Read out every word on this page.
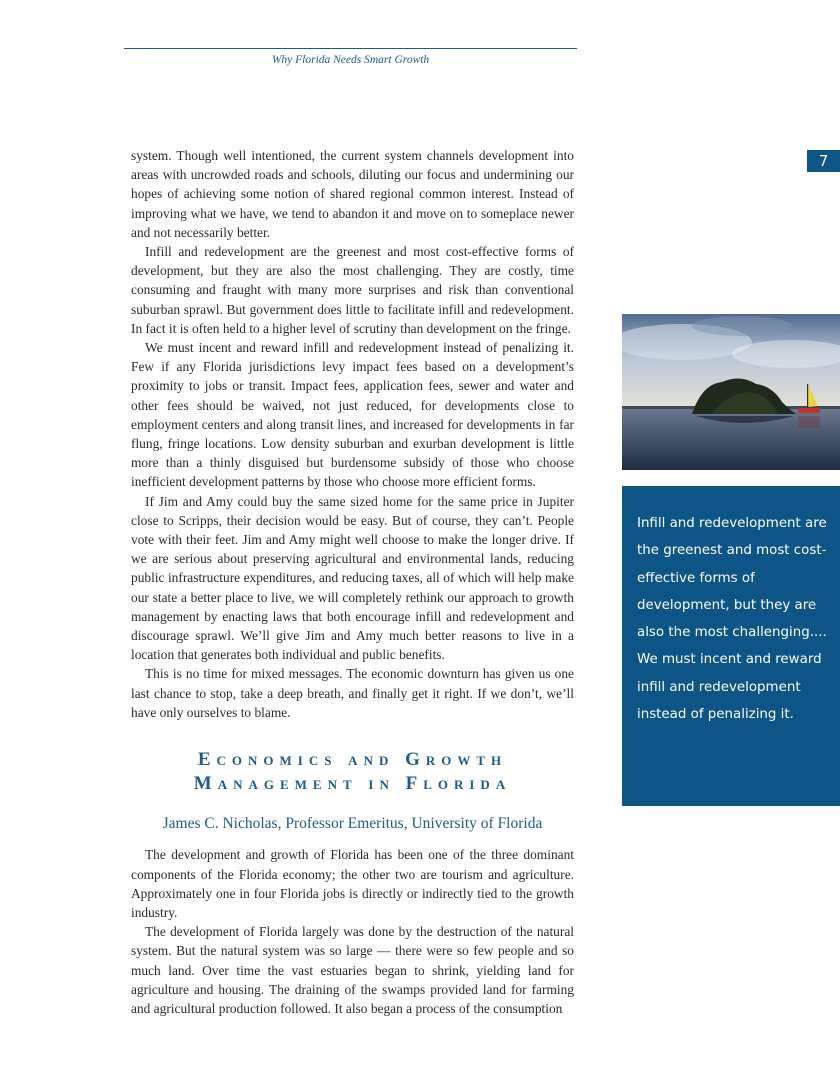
Why Florida Needs Smart Growth
7

system. Though well intentioned, the current system channels development into areas with uncrowded roads and schools, diluting our focus and undermining our hopes of achieving some notion of shared regional common interest. Instead of improving what we have, we tend to abandon it and move on to someplace newer and not necessarily better.

Infill and redevelopment are the greenest and most cost-effective forms of development, but they are also the most challenging. They are costly, time consuming and fraught with many more surprises and risk than conventional suburban sprawl. But government does little to facilitate infill and redevelopment. In fact it is often held to a higher level of scrutiny than development on the fringe.

We must incent and reward infill and redevelopment instead of penalizing it. Few if any Florida jurisdictions levy impact fees based on a development’s proximity to jobs or transit. Impact fees, application fees, sewer and water and other fees should be waived, not just reduced, for developments close to employment centers and along transit lines, and increased for developments in far flung, fringe locations. Low density suburban and exurban development is little more than a thinly disguised but burdensome subsidy of those who choose inefficient development patterns by those who choose more efficient forms.

If Jim and Amy could buy the same sized home for the same price in Jupiter close to Scripps, their decision would be easy. But of course, they can’t. People vote with their feet. Jim and Amy might well choose to make the longer drive. If we are serious about preserving agricultural and environmental lands, reducing public infrastructure expenditures, and reducing taxes, all of which will help make our state a better place to live, we will completely rethink our approach to growth management by enacting laws that both encourage infill and redevelopment and discourage sprawl. We’ll give Jim and Amy much better reasons to live in a location that generates both individual and public benefits.

This is no time for mixed messages. The economic downturn has given us one last chance to stop, take a deep breath, and finally get it right. If we don’t, we’ll have only ourselves to blame.

Economics and Growth
Management in Florida
James C. Nicholas, Professor Emeritus, University of Florida

The development and growth of Florida has been one of the three dominant components of the Florida economy; the other two are tourism and agriculture. Approximately one in four Florida jobs is directly or indirectly tied to the growth industry.

The development of Florida largely was done by the destruction of the natural system. But the natural system was so large — there were so few people and so much land. Over time the vast estuaries began to shrink, yielding land for agriculture and housing. The draining of the swamps provided land for farming and agricultural production followed. It also began a process of the consumption

Infill and redevelopment are the greenest and most cost-effective forms of development, but they are also the most challenging.... We must incent and reward infill and redevelopment instead of penalizing it.
